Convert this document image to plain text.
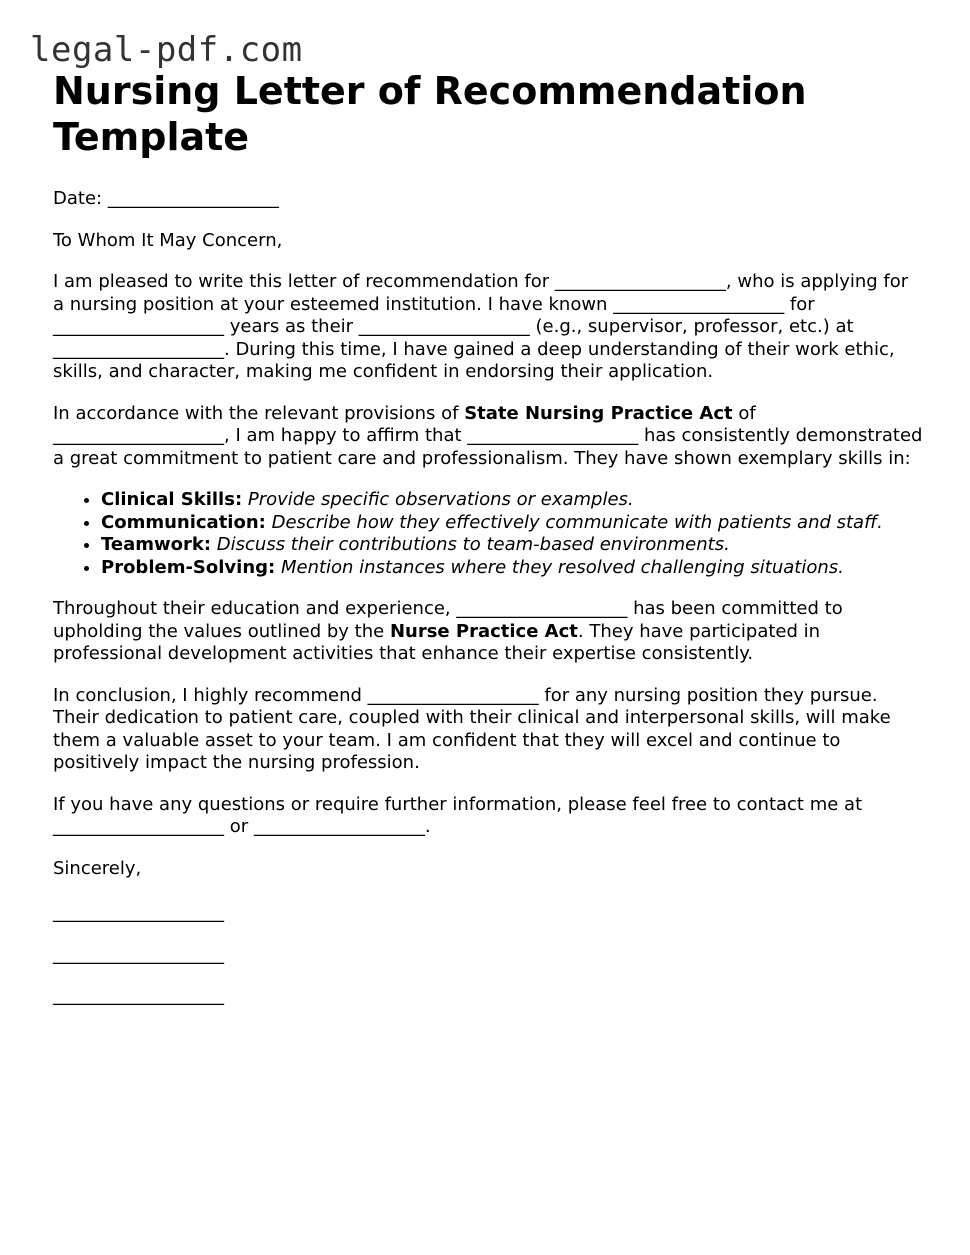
legal-pdf.com
Nursing Letter of Recommendation Template

Date: ___________________

To Whom It May Concern,

I am pleased to write this letter of recommendation for ___________________, who is applying for a nursing position at your esteemed institution. I have known ___________________ for ___________________ years as their ___________________ (e.g., supervisor, professor, etc.) at ___________________. During this time, I have gained a deep understanding of their work ethic, skills, and character, making me confident in endorsing their application.

In accordance with the relevant provisions of State Nursing Practice Act of ___________________, I am happy to affirm that ___________________ has consistently demonstrated a great commitment to patient care and professionalism. They have shown exemplary skills in:

• Clinical Skills: Provide specific observations or examples.
• Communication: Describe how they effectively communicate with patients and staff.
• Teamwork: Discuss their contributions to team-based environments.
• Problem-Solving: Mention instances where they resolved challenging situations.

Throughout their education and experience, ___________________ has been committed to upholding the values outlined by the Nurse Practice Act. They have participated in professional development activities that enhance their expertise consistently.

In conclusion, I highly recommend ___________________ for any nursing position they pursue. Their dedication to patient care, coupled with their clinical and interpersonal skills, will make them a valuable asset to your team. I am confident that they will excel and continue to positively impact the nursing profession.

If you have any questions or require further information, please feel free to contact me at ___________________ or ___________________.

Sincerely,

___________________
___________________
___________________
